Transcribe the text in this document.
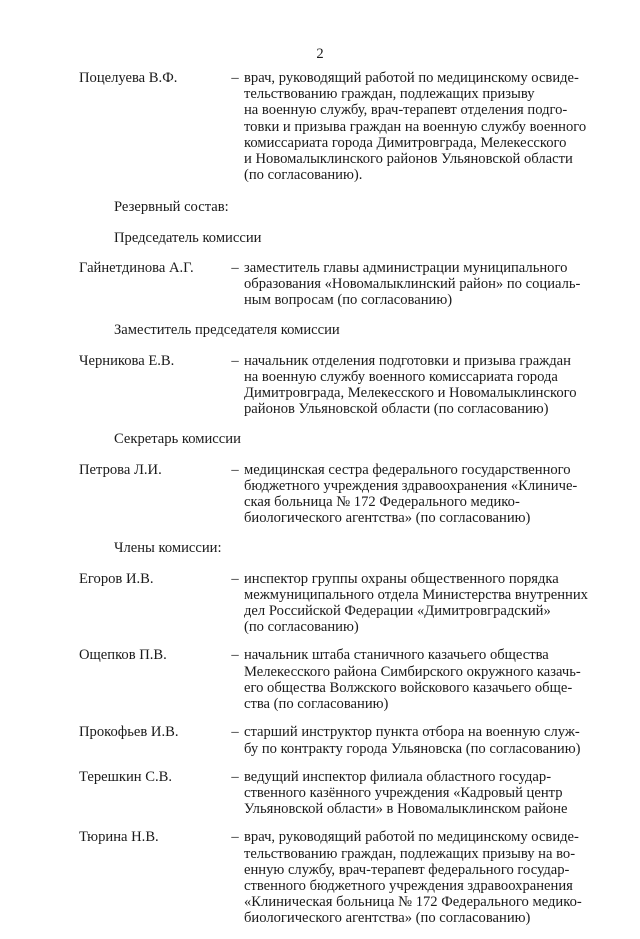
2
Поцелуева В.Ф.	– врач, руководящий работой по медицинскому освиде-
тельствованию граждан, подлежащих призыву
на военную службу, врач-терапевт отделения подго-
товки и призыва граждан на военную службу военного
комиссариата города Димитровграда, Мелекесского
и Новомалыклинского районов Ульяновской области
(по согласованию).
Резервный состав:
Председатель комиссии
Гайнетдинова А.Г.	– заместитель главы администрации муниципального
образования «Новомалыклинский район» по социаль-
ным вопросам (по согласованию)
Заместитель председателя комиссии
Черникова Е.В.	– начальник отделения подготовки и призыва граждан
на военную службу военного комиссариата города
Димитровграда, Мелекесского и Новомалыклинского
районов Ульяновской области (по согласованию)
Секретарь комиссии
Петрова Л.И.	– медицинская сестра федерального государственного
бюджетного учреждения здравоохранения «Клиниче-
ская больница № 172 Федерального медико-
биологического агентства» (по согласованию)
Члены комиссии:
Егоров И.В.	– инспектор группы охраны общественного порядка
межмуниципального отдела Министерства внутренних
дел Российской Федерации «Димитровградский»
(по согласованию)
Ощепков П.В.	– начальник штаба станичного казачьего общества
Мелекесского района Симбирского окружного казачь-
его общества Волжского войскового казачьего обще-
ства (по согласованию)
Прокофьев И.В.	– старший инструктор пункта отбора на военную служ-
бу по контракту города Ульяновска (по согласованию)
Терешкин С.В.	– ведущий инспектор филиала областного государ-
ственного казённого учреждения «Кадровый центр
Ульяновской области» в Новомалыклинском районе
Тюрина Н.В.	– врач, руководящий работой по медицинскому освиде-
тельствованию граждан, подлежащих призыву на во-
енную службу, врач-терапевт федерального государ-
ственного бюджетного учреждения здравоохранения
«Клиническая больница № 172 Федерального медико-
биологического агентства» (по согласованию)
